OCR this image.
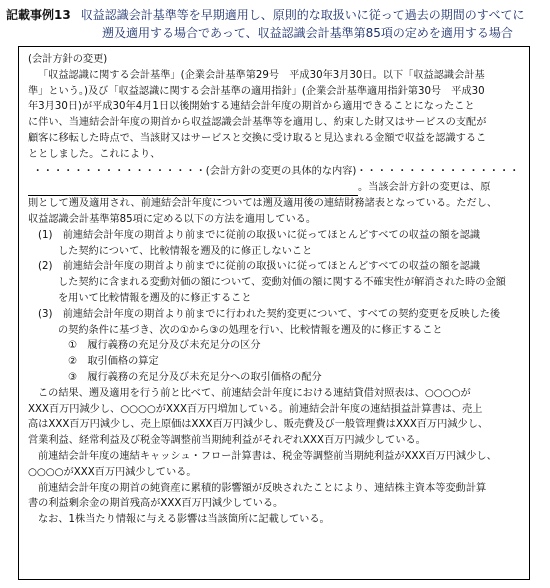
記載事例13 収益認識会計基準等を早期適用し、原則的な取扱いに従って過去の期間のすべてに
遡及適用する場合であって、収益認識会計基準第85項の定めを適用する場合
(会計方針の変更)
「収益認識に関する会計基準」(企業会計基準第29号　平成30年3月30日。以下「収益認識会計基
準」という。)及び「収益認識に関する会計基準の適用指針」(企業会計基準適用指針第30号　平成30
年3月30日)が平成30年4月1日以後開始する連結会計年度の期首から適用できることになったこと
に伴い、当連結会計年度の期首から収益認識会計基準等を適用し、約束した財又はサービスの支配が
顧客に移転した時点で、当該財又はサービスと交換に受け取ると見込まれる金額で収益を認識するこ
ととしました。これにより、
・・・・・・・・・・・・・・・・・(会計方針の変更の具体的な内容)・・・・・・・・・・・・・・・・
。当該会計方針の変更は、原
則として遡及適用され、前連結会計年度については遡及適用後の連結財務諸表となっている。ただし、
収益認識会計基準第85項に定める以下の方法を適用している。
(1)　 前連結会計年度の期首より前までに従前の取扱いに従ってほとんどすべての収益の額を認識
した契約について、比較情報を遡及的に修正しないこと
(2)　 前連結会計年度の期首より前までに従前の取扱いに従ってほとんどすべての収益の額を認識
した契約に含まれる変動対価の額について、変動対価の額に関する不確実性が解消された時の金額
を用いて比較情報を遡及的に修正すること
(3)　 前連結会計年度の期首より前までに行われた契約変更について、すべての契約変更を反映した後
の契約条件に基づき、次の①から③の処理を行い、比較情報を遡及的に修正すること
①　履行義務の充足分及び未充足分の区分
②　取引価格の算定
③　履行義務の充足分及び未充足分への取引価格の配分
この結果、遡及適用を行う前と比べて、前連結会計年度における連結貸借対照表は、○○○○が
XXX百万円減少し、○○○○がXXX百万円増加している。前連結会計年度の連結損益計算書は、売上
高はXXX百万円減少し、売上原価はXXX百万円減少し、販売費及び一般管理費はXXX百万円減少し、
営業利益、経常利益及び税金等調整前当期純利益がそれぞれXXX百万円減少している。
前連結会計年度の連結キャッシュ・フロー計算書は、税金等調整前当期純利益がXXX百万円減少し、
○○○○がXXX百万円減少している。
前連結会計年度の期首の純資産に累積的影響額が反映されたことにより、連結株主資本等変動計算
書の利益剰余金の期首残高がXXX百万円減少している。
なお、1株当たり情報に与える影響は当該箇所に記載している。
